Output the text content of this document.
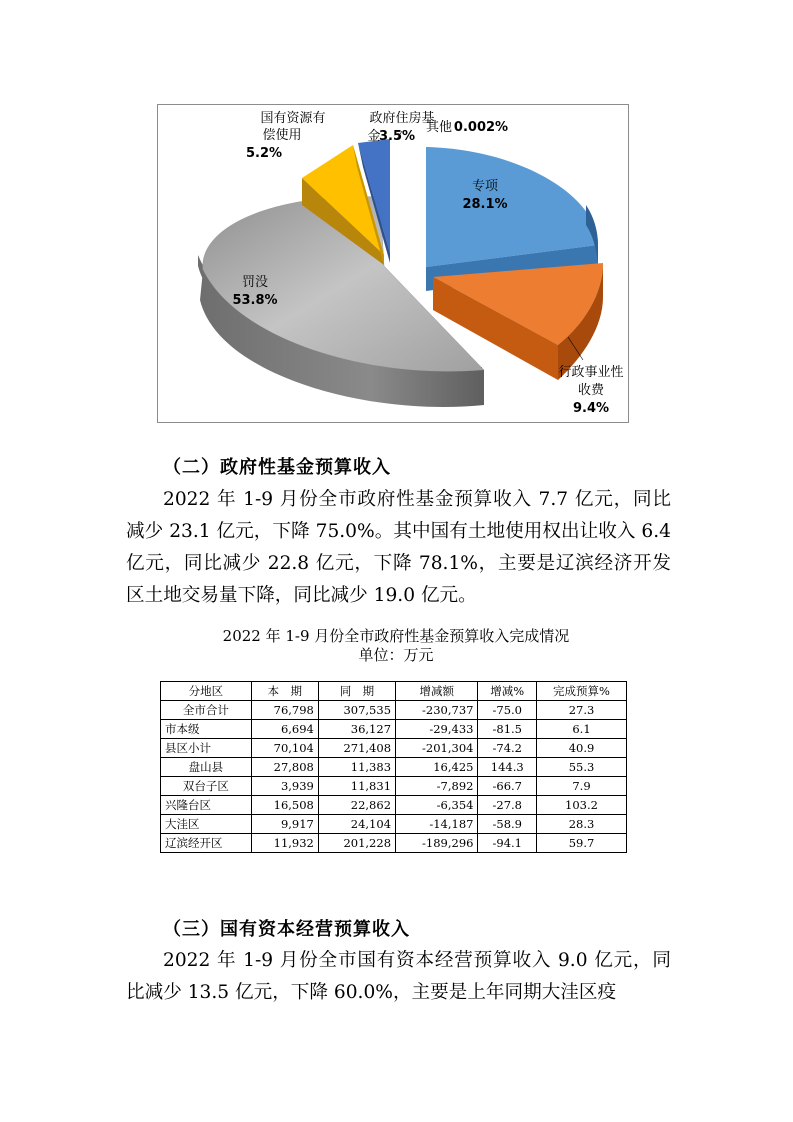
专项
28.1%
行政事业性
收费
9.4%
罚没
53.8%
国有资源有
偿使用
5.2%
政府住房基
金
3.5%
其他 0.002%
（二）政府性基金预算收入
2022 年 1-9 月份全市政府性基金预算收入 7.7 亿元，同比减少 23.1 亿元，下降 75.0%。其中国有土地使用权出让收入 6.4 亿元，同比减少 22.8 亿元，下降 78.1%，主要是辽滨经济开发区土地交易量下降，同比减少 19.0 亿元。
2022 年 1-9 月份全市政府性基金预算收入完成情况
单位：万元
分地区	本　期	同　期	增减额	增减%	完成预算%
全市合计	76,798	307,535	-230,737	-75.0	27.3
市本级	6,694	36,127	-29,433	-81.5	6.1
县区小计	70,104	271,408	-201,304	-74.2	40.9
盘山县	27,808	11,383	16,425	144.3	55.3
双台子区	3,939	11,831	-7,892	-66.7	7.9
兴隆台区	16,508	22,862	-6,354	-27.8	103.2
大洼区	9,917	24,104	-14,187	-58.9	28.3
辽滨经开区	11,932	201,228	-189,296	-94.1	59.7
（三）国有资本经营预算收入
2022 年 1-9 月份全市国有资本经营预算收入 9.0 亿元，同比减少 13.5 亿元，下降 60.0%，主要是上年同期大洼区疫
